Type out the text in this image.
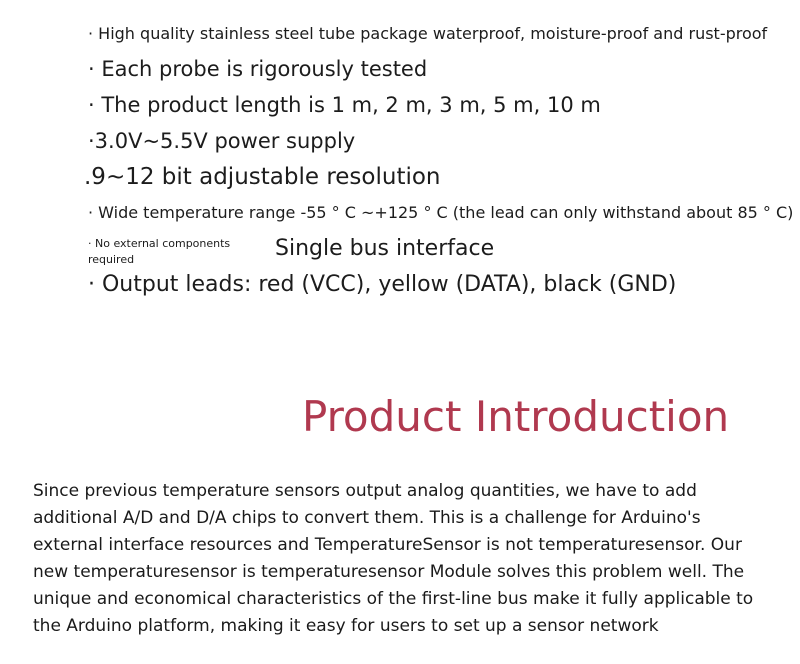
· High quality stainless steel tube package waterproof, moisture-proof and rust-proof
· Each probe is rigorously tested
· The product length is 1 m, 2 m, 3 m, 5 m, 10 m
·3.0V~5.5V power supply
.9~12 bit adjustable resolution
· Wide temperature range -55 ° C ~+125 ° C (the lead can only withstand about 85 ° C)
· No external components required	Single bus interface
· Output leads: red (VCC), yellow (DATA), black (GND)
Product Introduction

Since previous temperature sensors output analog quantities, we have to add additional A/D and D/A chips to convert them. This is a challenge for Arduino's external interface resources and TemperatureSensor is not temperaturesensor. Our new temperaturesensor is temperaturesensor Module solves this problem well. The unique and economical characteristics of the first-line bus make it fully applicable to the Arduino platform, making it easy for users to set up a sensor network
